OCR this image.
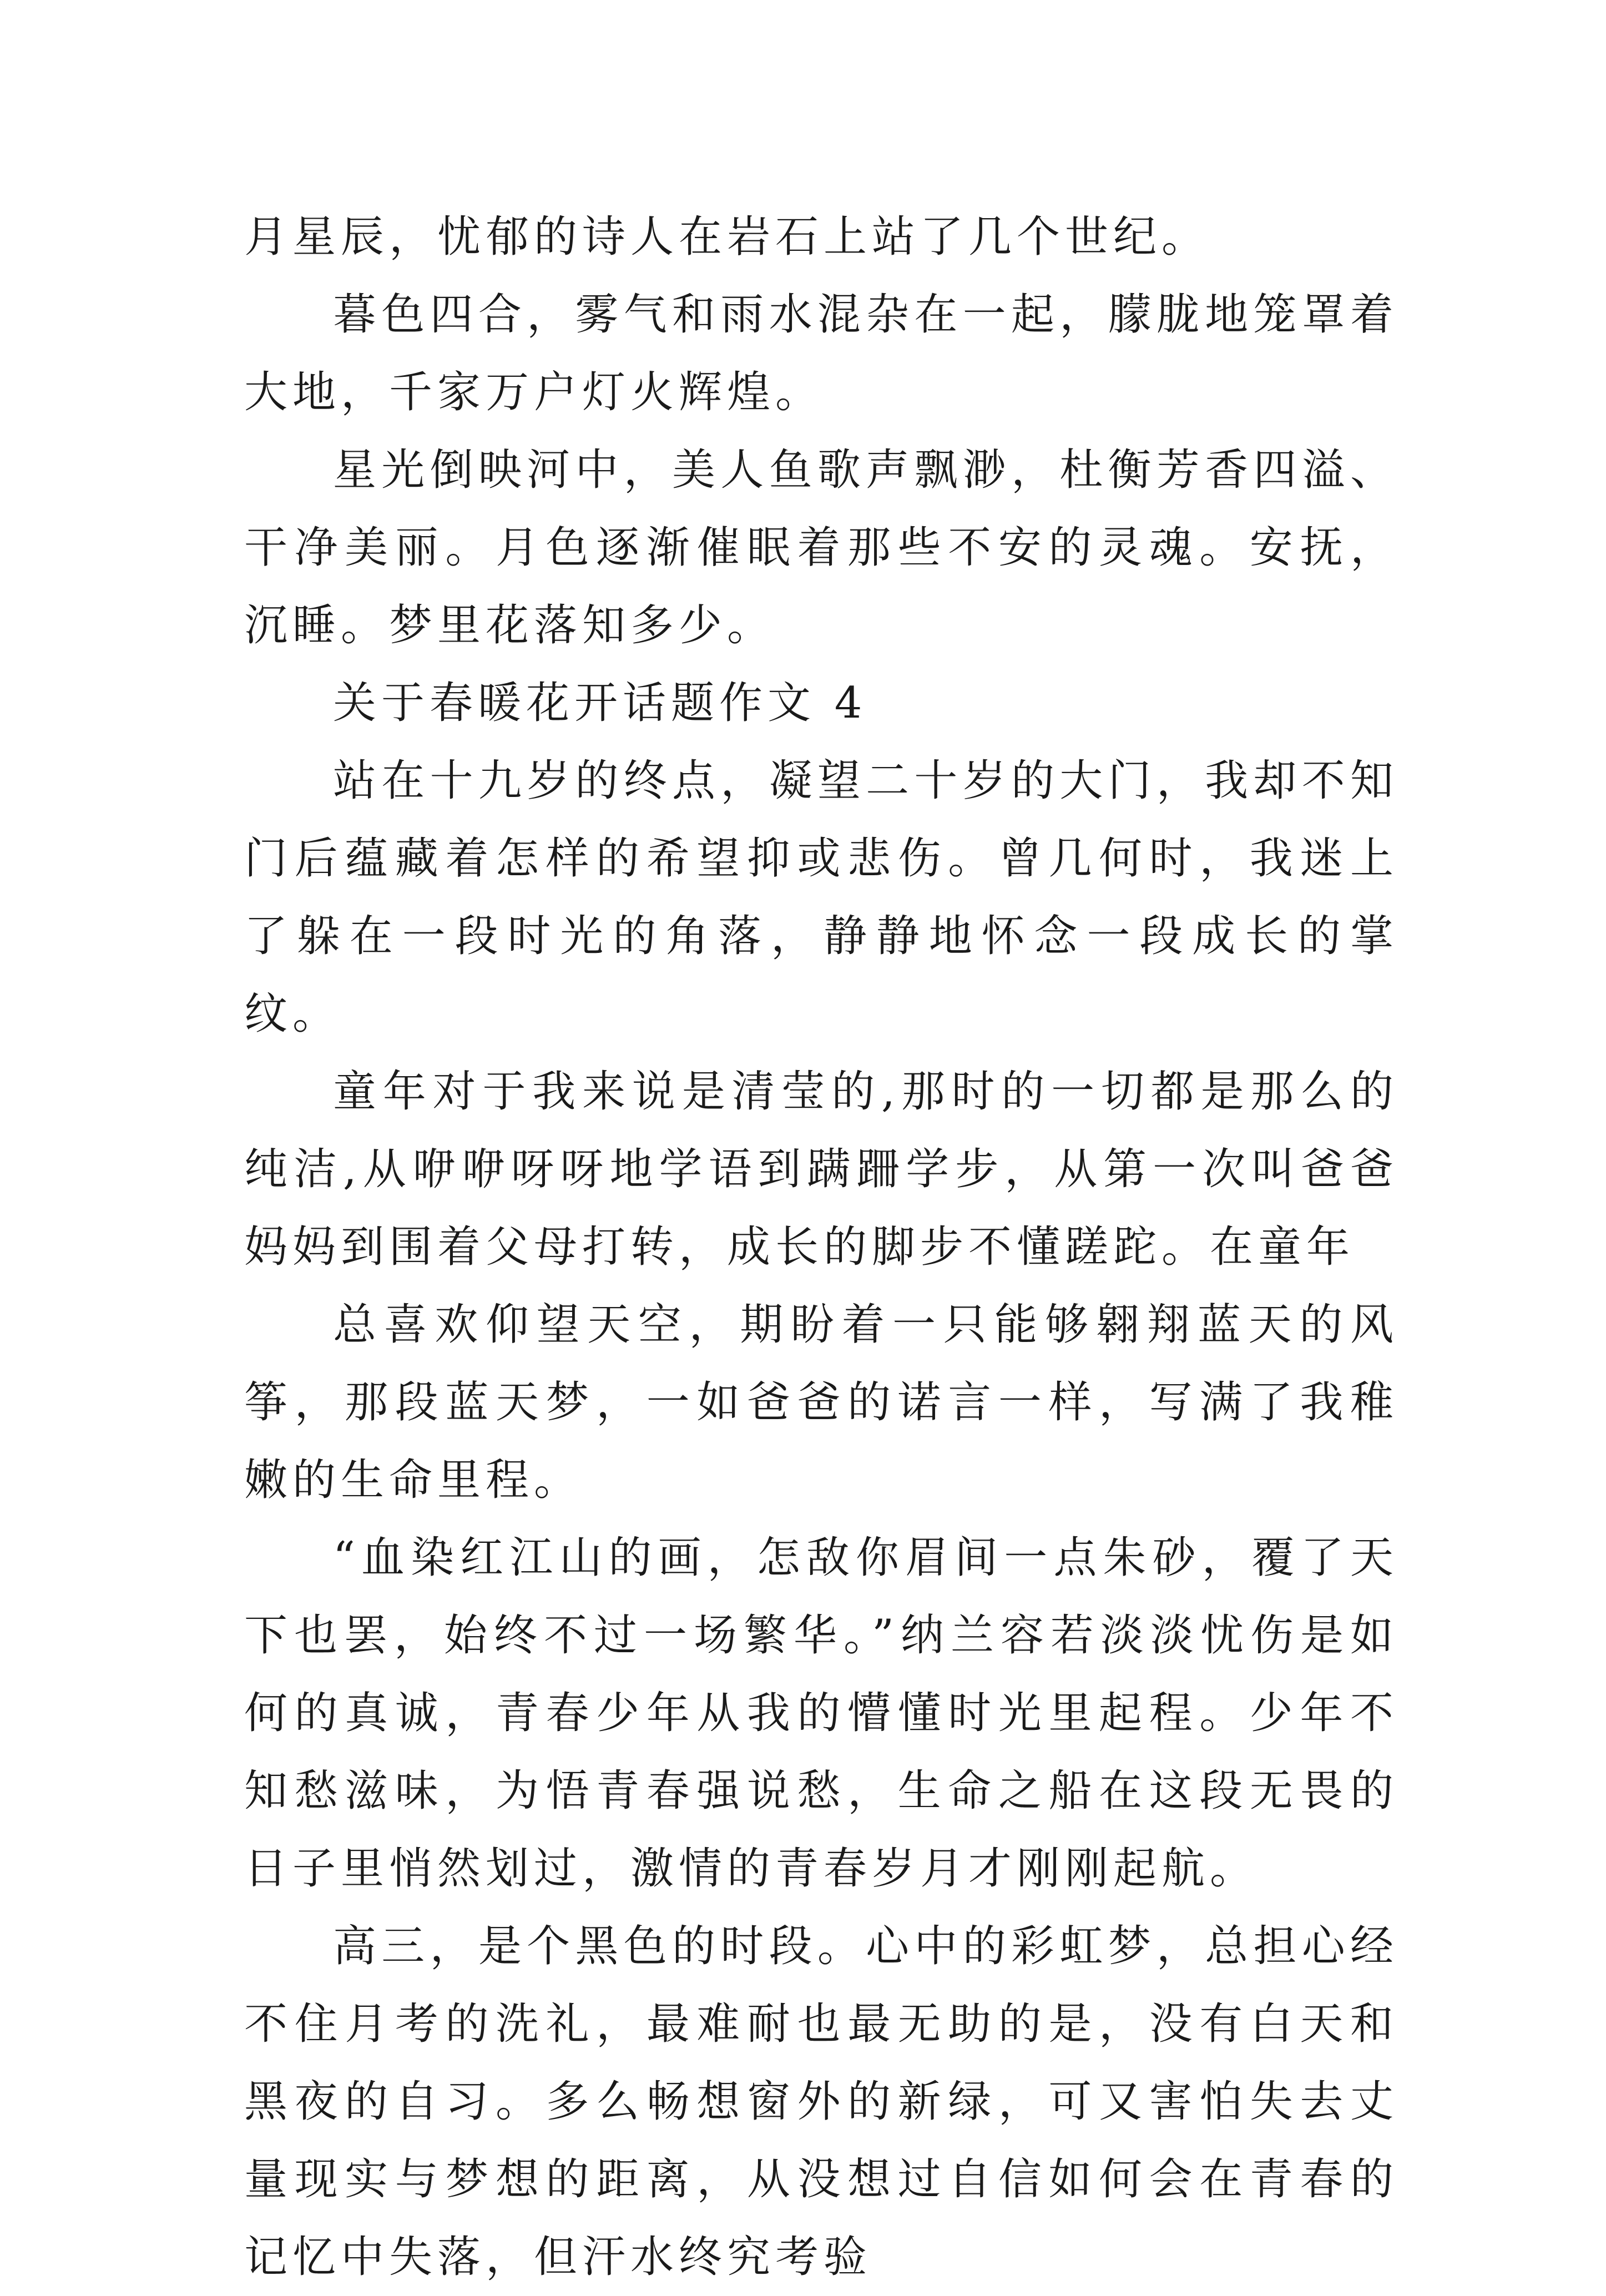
月星辰，忧郁的诗人在岩石上站了几个世纪。

暮色四合，雾气和雨水混杂在一起，朦胧地笼罩着大地，千家万户灯火辉煌。

星光倒映河中，美人鱼歌声飘渺，杜衡芳香四溢、干净美丽。月色逐渐催眠着那些不安的灵魂。安抚，沉睡。梦里花落知多少。

关于春暖花开话题作文 4

站在十九岁的终点，凝望二十岁的大门，我却不知门后蕴藏着怎样的希望抑或悲伤。曾几何时，我迷上了躲在一段时光的角落，静静地怀念一段成长的掌纹。

童年对于我来说是清莹的,那时的一切都是那么的纯洁,从咿咿呀呀地学语到蹒跚学步，从第一次叫爸爸妈妈到围着父母打转，成长的脚步不懂蹉跎。在童年

总喜欢仰望天空，期盼着一只能够翱翔蓝天的风筝，那段蓝天梦，一如爸爸的诺言一样，写满了我稚嫩的生命里程。

“血染红江山的画，怎敌你眉间一点朱砂，覆了天下也罢，始终不过一场繁华。”纳兰容若淡淡忧伤是如何的真诚，青春少年从我的懵懂时光里起程。少年不知愁滋味，为悟青春强说愁，生命之船在这段无畏的日子里悄然划过，激情的青春岁月才刚刚起航。

高三，是个黑色的时段。心中的彩虹梦，总担心经不住月考的洗礼，最难耐也最无助的是，没有白天和黑夜的自习。多么畅想窗外的新绿，可又害怕失去丈量现实与梦想的距离，从没想过自信如何会在青春的记忆中失落，但汗水终究考验
